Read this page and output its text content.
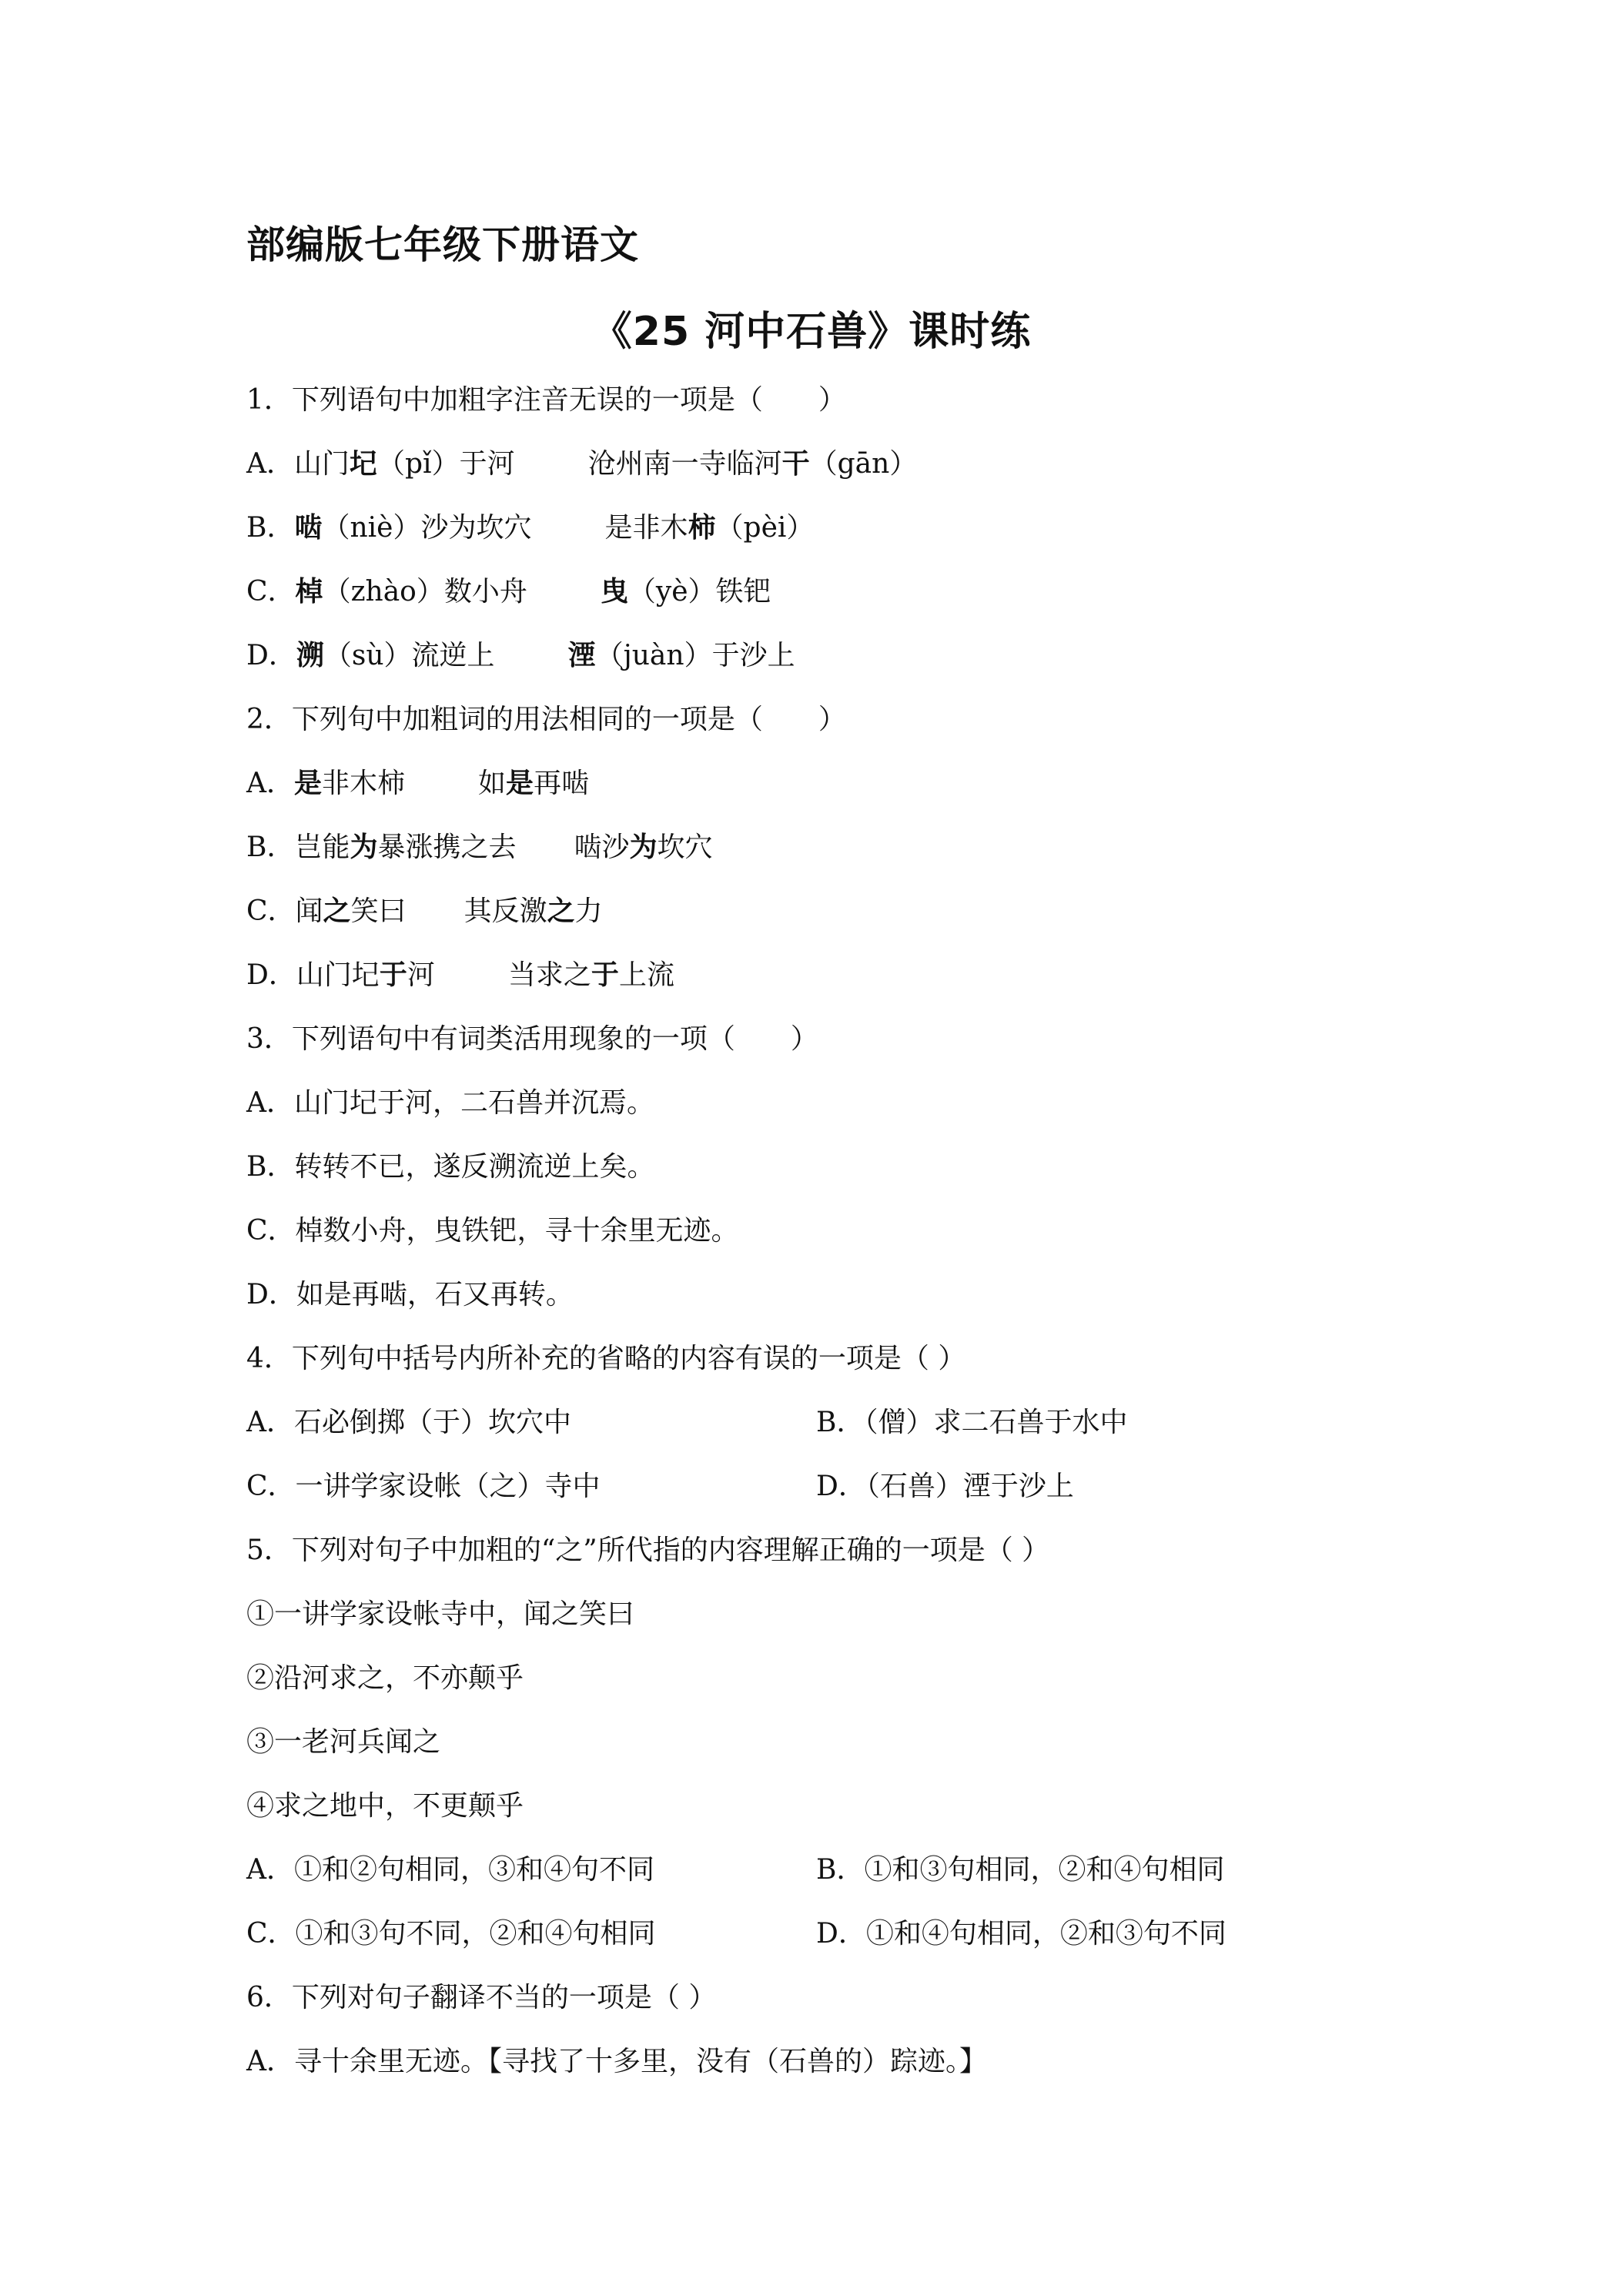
部编版七年级下册语文
《25 河中石兽》课时练
1．下列语句中加粗字注音无误的一项是（　　）
A．山门圮（pǐ）于河	沧州南一寺临河干（gān）
B．啮（niè）沙为坎穴	是非木柿（pèi）
C．棹（zhào）数小舟	曳（yè）铁钯
D．溯（sù）流逆上	湮（juàn）于沙上
2．下列句中加粗词的用法相同的一项是（　　）
A．是非木柿	如是再啮
B．岂能为暴涨携之去 啮沙为坎穴
C．闻之笑曰 其反激之力
D．山门圮于河	当求之于上流
3．下列语句中有词类活用现象的一项（　　）
A．山门圮于河，二石兽并沉焉。
B．转转不已，遂反溯流逆上矣。
C．棹数小舟，曳铁钯，寻十余里无迹。
D．如是再啮，石又再转。
4．下列句中括号内所补充的省略的内容有误的一项是（ ）
A．石必倒掷（于）坎穴中	B．（僧）求二石兽于水中
C．一讲学家设帐（之）寺中	D．（石兽）湮于沙上
5．下列对句子中加粗的“之”所代指的内容理解正确的一项是（ ）
①一讲学家设帐寺中，闻之笑曰
②沿河求之，不亦颠乎
③一老河兵闻之
④求之地中，不更颠乎
A．①和②句相同，③和④句不同	B．①和③句相同，②和④句相同
C．①和③句不同，②和④句相同	D．①和④句相同，②和③句不同
6．下列对句子翻译不当的一项是（ ）
A．寻十余里无迹。【寻找了十多里，没有（石兽的）踪迹。】
